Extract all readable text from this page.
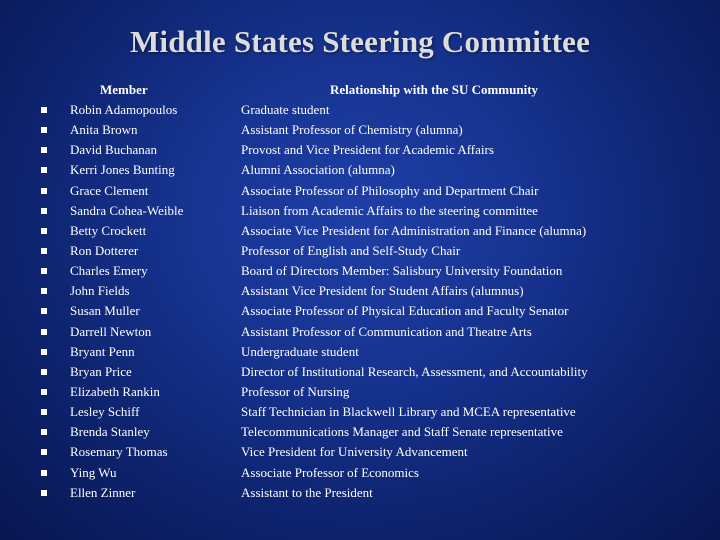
Middle States Steering Committee
Member	Relationship with the SU Community
Robin Adamopoulos	Graduate student
Anita Brown	Assistant Professor of Chemistry (alumna)
David Buchanan	Provost and Vice President for Academic Affairs
Kerri Jones Bunting	Alumni Association (alumna)
Grace Clement	Associate Professor of Philosophy and Department Chair
Sandra Cohea-Weible	Liaison from Academic Affairs to the steering committee
Betty Crockett	Associate Vice President for Administration and Finance (alumna)
Ron Dotterer	Professor of English and Self-Study Chair
Charles Emery	Board of Directors Member: Salisbury University Foundation
John Fields	Assistant Vice President for Student Affairs (alumnus)
Susan Muller	Associate Professor of Physical Education and Faculty Senator
Darrell Newton	Assistant Professor of Communication and Theatre Arts
Bryant Penn	Undergraduate student
Bryan Price	Director of Institutional Research, Assessment, and Accountability
Elizabeth Rankin	Professor of Nursing
Lesley Schiff	Staff Technician in Blackwell Library and MCEA representative
Brenda Stanley	Telecommunications Manager and Staff Senate representative
Rosemary Thomas	Vice President for University Advancement
Ying Wu	Associate Professor of Economics
Ellen Zinner	Assistant to the President
